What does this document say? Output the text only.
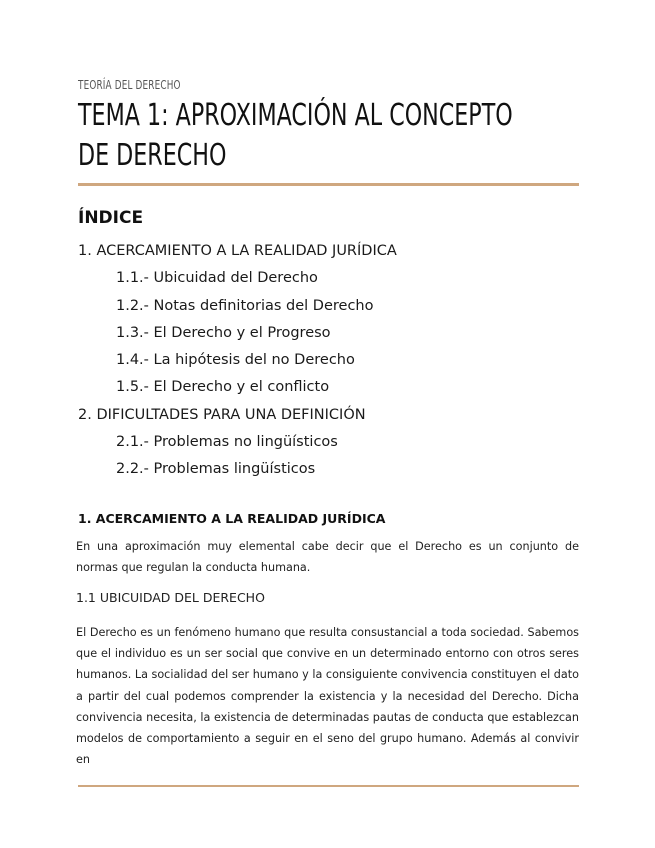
TEORÍA DEL DERECHO
TEMA 1: APROXIMACIÓN AL CONCEPTO DE DERECHO
ÍNDICE
1. ACERCAMIENTO A LA REALIDAD JURÍDICA
1.1.- Ubicuidad del Derecho
1.2.- Notas definitorias del Derecho
1.3.- El Derecho y el Progreso
1.4.- La hipótesis del no Derecho
1.5.- El Derecho y el conflicto
2. DIFICULTADES PARA UNA DEFINICIÓN
2.1.- Problemas no lingüísticos
2.2.- Problemas lingüísticos
1. ACERCAMIENTO A LA REALIDAD JURÍDICA

En una aproximación muy elemental cabe decir que el Derecho es un conjunto de normas que regulan la conducta humana.

1.1 UBICUIDAD DEL DERECHO

El Derecho es un fenómeno humano que resulta consustancial a toda sociedad. Sabemos que el individuo es un ser social que convive en un determinado entorno con otros seres humanos. La socialidad del ser humano y la consiguiente convivencia constituyen el dato a partir del cual podemos comprender la existencia y la necesidad del Derecho. Dicha convivencia necesita, la existencia de determinadas pautas de conducta que establezcan modelos de comportamiento a seguir en el seno del grupo humano. Además al convivir en
